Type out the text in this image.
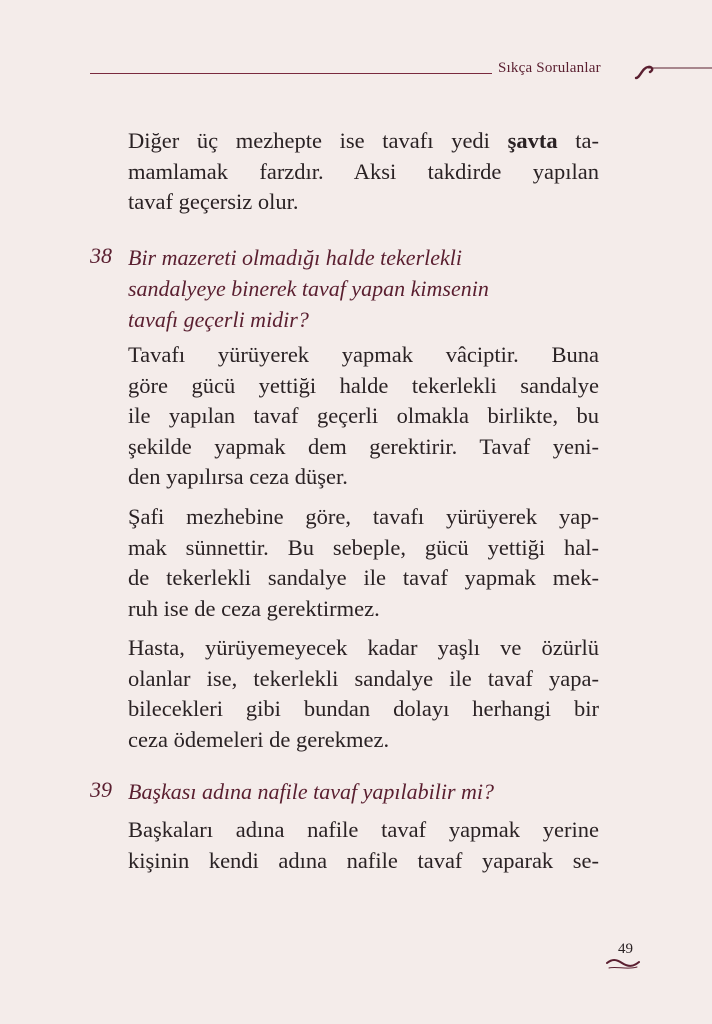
Sıkça Sorulanlar

Diğer üç mezhepte ise tavafı yedi şavta ta-
mamlamak farzdır. Aksi takdirde yapılan
tavaf geçersiz olur.

38 Bir mazereti olmadığı halde tekerlekli
sandalyeye binerek tavaf yapan kimsenin
tavafı geçerli midir?

Tavafı yürüyerek yapmak vâciptir. Buna
göre gücü yettiği halde tekerlekli sandalye
ile yapılan tavaf geçerli olmakla birlikte, bu
şekilde yapmak dem gerektirir. Tavaf yeni-
den yapılırsa ceza düşer.

Şafi mezhebine göre, tavafı yürüyerek yap-
mak sünnettir. Bu sebeple, gücü yettiği hal-
de tekerlekli sandalye ile tavaf yapmak mek-
ruh ise de ceza gerektirmez.

Hasta, yürüyemeyecek kadar yaşlı ve özürlü
olanlar ise, tekerlekli sandalye ile tavaf yapa-
bilecekleri gibi bundan dolayı herhangi bir
ceza ödemeleri de gerekmez.

39 Başkası adına nafile tavaf yapılabilir mi?

Başkaları adına nafile tavaf yapmak yerine
kişinin kendi adına nafile tavaf yaparak se-

49
